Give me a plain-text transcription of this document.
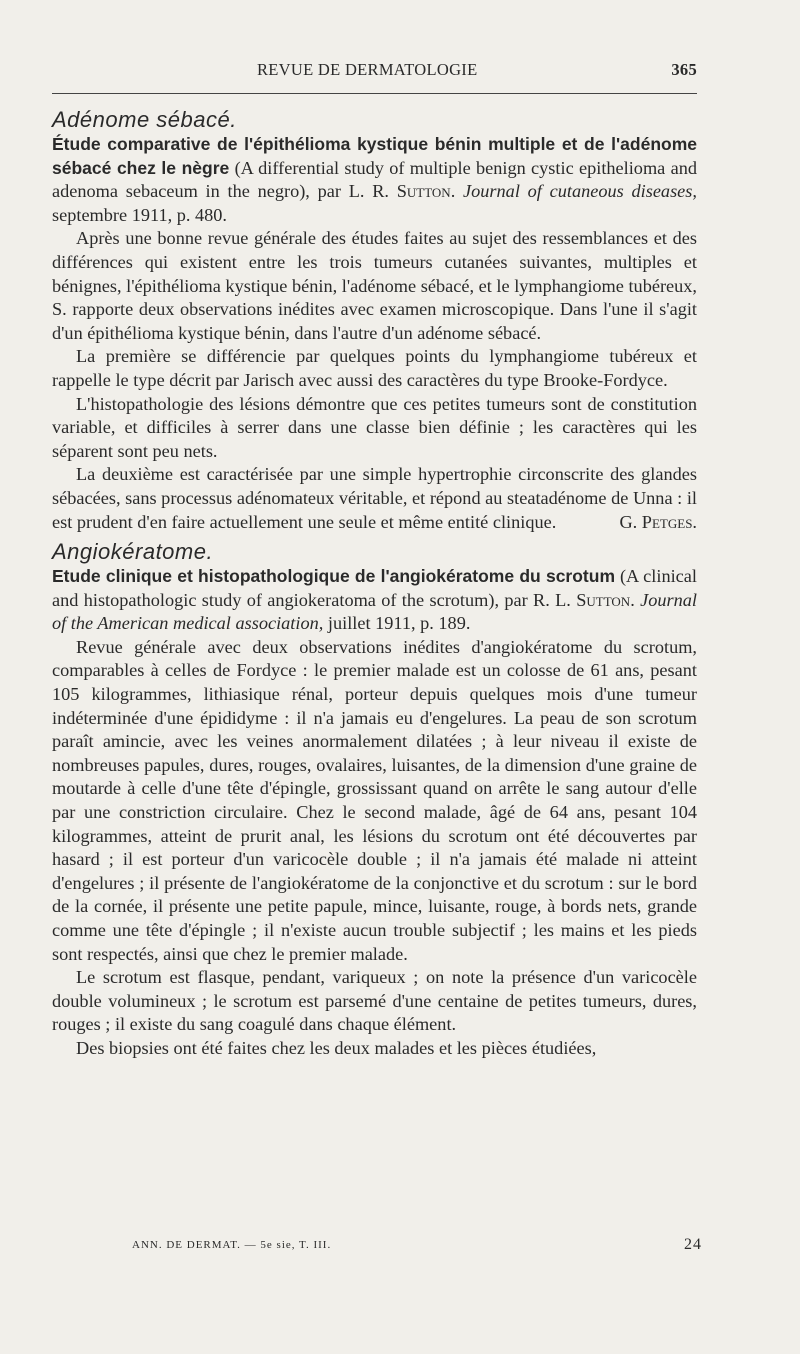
REVUE DE DERMATOLOGIE	365
Adénome sébacé.

Étude comparative de l'épithélioma kystique bénin multiple et de l'adénome sébacé chez le nègre (A differential study of multiple benign cystic epithelioma and adenoma sebaceum in the negro), par L. R. Sutton. Journal of cutaneous diseases, septembre 1911, p. 480.

Après une bonne revue générale des études faites au sujet des ressemblances et des différences qui existent entre les trois tumeurs cutanées suivantes, multiples et bénignes, l'épithélioma kystique bénin, l'adénome sébacé, et le lymphangiome tubéreux, S. rapporte deux observations inédites avec examen microscopique. Dans l'une il s'agit d'un épithélioma kystique bénin, dans l'autre d'un adénome sébacé.

La première se différencie par quelques points du lymphangiome tubéreux et rappelle le type décrit par Jarisch avec aussi des caractères du type Brooke-Fordyce.

L'histopathologie des lésions démontre que ces petites tumeurs sont de constitution variable, et difficiles à serrer dans une classe bien définie ; les caractères qui les séparent sont peu nets.

La deuxième est caractérisée par une simple hypertrophie circonscrite des glandes sébacées, sans processus adénomateux véritable, et répond au steatadénome de Unna : il est prudent d'en faire actuellement une seule et même entité clinique.	G. Petges.

Angiokératome.

Etude clinique et histopathologique de l'angiokératome du scrotum (A clinical and histopathologic study of angiokeratoma of the scrotum), par R. L. Sutton. Journal of the American medical association, juillet 1911, p. 189.

Revue générale avec deux observations inédites d'angiokératome du scrotum, comparables à celles de Fordyce : le premier malade est un colosse de 61 ans, pesant 105 kilogrammes, lithiasique rénal, porteur depuis quelques mois d'une tumeur indéterminée d'une épididyme : il n'a jamais eu d'engelures. La peau de son scrotum paraît amincie, avec les veines anormalement dilatées ; à leur niveau il existe de nombreuses papules, dures, rouges, ovalaires, luisantes, de la dimension d'une graine de moutarde à celle d'une tête d'épingle, grossissant quand on arrête le sang autour d'elle par une constriction circulaire. Chez le second malade, âgé de 64 ans, pesant 104 kilogrammes, atteint de prurit anal, les lésions du scrotum ont été découvertes par hasard ; il est porteur d'un varicocèle double ; il n'a jamais été malade ni atteint d'engelures ; il présente de l'angiokératome de la conjonctive et du scrotum : sur le bord de la cornée, il présente une petite papule, mince, luisante, rouge, à bords nets, grande comme une tête d'épingle ; il n'existe aucun trouble subjectif ; les mains et les pieds sont respectés, ainsi que chez le premier malade.

Le scrotum est flasque, pendant, variqueux ; on note la présence d'un varicocèle double volumineux ; le scrotum est parsemé d'une centaine de petites tumeurs, dures, rouges ; il existe du sang coagulé dans chaque élément.

Des biopsies ont été faites chez les deux malades et les pièces étudiées,

ANN. DE DERMAT. — 5e sie, T. III.	24
